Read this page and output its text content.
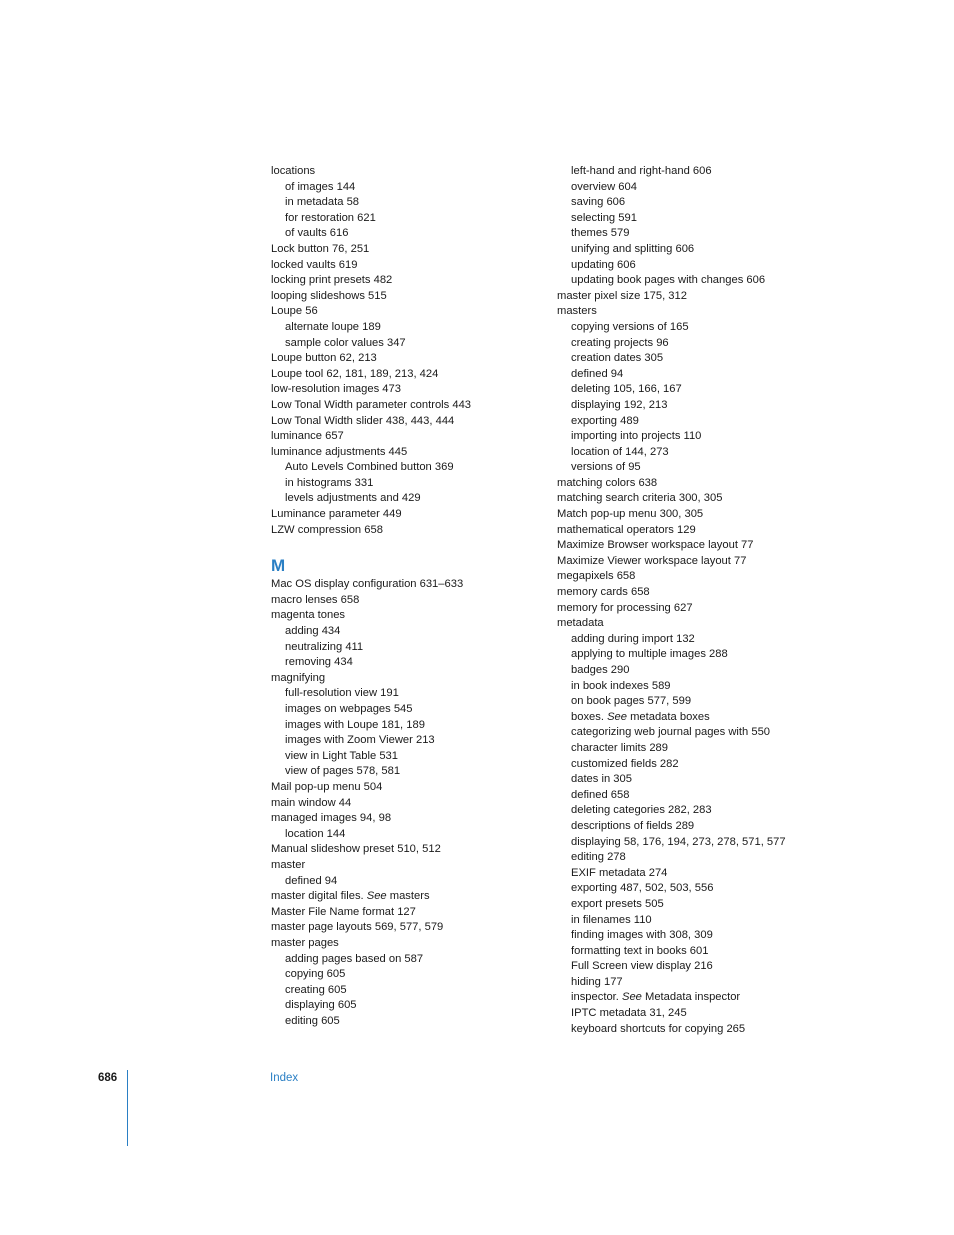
locations
of images 144
in metadata 58
for restoration 621
of vaults 616
Lock button 76, 251
locked vaults 619
locking print presets 482
looping slideshows 515
Loupe 56
alternate loupe 189
sample color values 347
Loupe button 62, 213
Loupe tool 62, 181, 189, 213, 424
low-resolution images 473
Low Tonal Width parameter controls 443
Low Tonal Width slider 438, 443, 444
luminance 657
luminance adjustments 445
Auto Levels Combined button 369
in histograms 331
levels adjustments and 429
Luminance parameter 449
LZW compression 658
M
Mac OS display configuration 631–633
macro lenses 658
magenta tones
adding 434
neutralizing 411
removing 434
magnifying
full-resolution view 191
images on webpages 545
images with Loupe 181, 189
images with Zoom Viewer 213
view in Light Table 531
view of pages 578, 581
Mail pop-up menu 504
main window 44
managed images 94, 98
location 144
Manual slideshow preset 510, 512
master
defined 94
master digital files. See masters
Master File Name format 127
master page layouts 569, 577, 579
master pages
adding pages based on 587
copying 605
creating 605
displaying 605
editing 605
left-hand and right-hand 606
overview 604
saving 606
selecting 591
themes 579
unifying and splitting 606
updating 606
updating book pages with changes 606
master pixel size 175, 312
masters
copying versions of 165
creating projects 96
creation dates 305
defined 94
deleting 105, 166, 167
displaying 192, 213
exporting 489
importing into projects 110
location of 144, 273
versions of 95
matching colors 638
matching search criteria 300, 305
Match pop-up menu 300, 305
mathematical operators 129
Maximize Browser workspace layout 77
Maximize Viewer workspace layout 77
megapixels 658
memory cards 658
memory for processing 627
metadata
adding during import 132
applying to multiple images 288
badges 290
in book indexes 589
on book pages 577, 599
boxes. See metadata boxes
categorizing web journal pages with 550
character limits 289
customized fields 282
dates in 305
defined 658
deleting categories 282, 283
descriptions of fields 289
displaying 58, 176, 194, 273, 278, 571, 577
editing 278
EXIF metadata 274
exporting 487, 502, 503, 556
export presets 505
in filenames 110
finding images with 308, 309
formatting text in books 601
Full Screen view display 216
hiding 177
inspector. See Metadata inspector
IPTC metadata 31, 245
keyboard shortcuts for copying 265
686	Index
